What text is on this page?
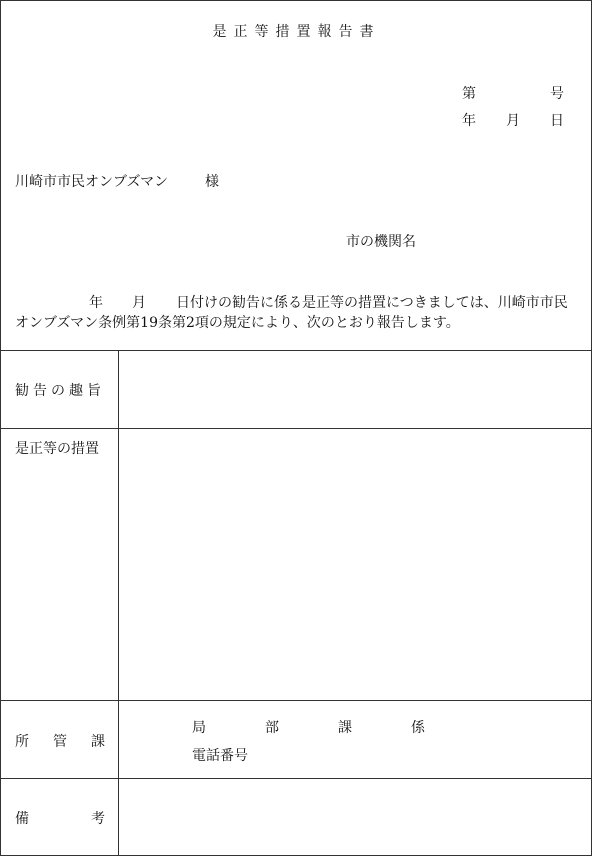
是正等措置報告書
第	号
年 月 日
川崎市市民オンブズマン	様
市の機関名
年 月 日付けの勧告に係る是正等の措置につきましては、川崎市市民
オンブズマン条例第19条第2項の規定により、次のとおり報告します。
勧告の趣旨
是正等の措置
所 管 課
局	部	課	係
電話番号
備	考
